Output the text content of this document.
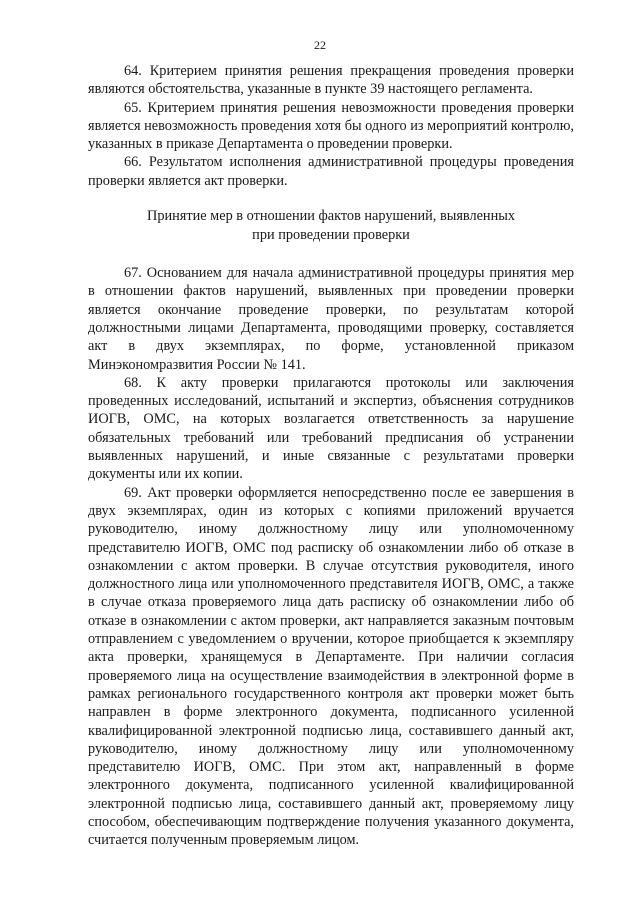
22

64. Критерием принятия решения прекращения проведения проверки являются обстоятельства, указанные в пункте 39 настоящего регламента.

65. Критерием принятия решения невозможности проведения проверки является невозможность проведения хотя бы одного из мероприятий контролю, указанных в приказе Департамента о проведении проверки.

66. Результатом исполнения административной процедуры проведения проверки является акт проверки.

Принятие мер в отношении фактов нарушений, выявленных
при проведении проверки

67. Основанием для начала административной процедуры принятия мер в отношении фактов нарушений, выявленных при проведении проверки является окончание проведение проверки, по результатам которой должностными лицами Департамента, проводящими проверку, составляется акт в двух экземплярах, по форме, установленной приказом Минэкономразвития России № 141.

68. К акту проверки прилагаются протоколы или заключения проведенных исследований, испытаний и экспертиз, объяснения сотрудников ИОГВ, ОМС, на которых возлагается ответственность за нарушение обязательных требований или требований предписания об устранении выявленных нарушений, и иные связанные с результатами проверки документы или их копии.

69. Акт проверки оформляется непосредственно после ее завершения в двух экземплярах, один из которых с копиями приложений вручается руководителю, иному должностному лицу или уполномоченному представителю ИОГВ, ОМС под расписку об ознакомлении либо об отказе в ознакомлении с актом проверки. В случае отсутствия руководителя, иного должностного лица или уполномоченного представителя ИОГВ, ОМС, а также в случае отказа проверяемого лица дать расписку об ознакомлении либо об отказе в ознакомлении с актом проверки, акт направляется заказным почтовым отправлением с уведомлением о вручении, которое приобщается к экземпляру акта проверки, хранящемуся в Департаменте. При наличии согласия проверяемого лица на осуществление взаимодействия в электронной форме в рамках регионального государственного контроля акт проверки может быть направлен в форме электронного документа, подписанного усиленной квалифицированной электронной подписью лица, составившего данный акт, руководителю, иному должностному лицу или уполномоченному представителю ИОГВ, ОМС. При этом акт, направленный в форме электронного документа, подписанного усиленной квалифицированной электронной подписью лица, составившего данный акт, проверяемому лицу способом, обеспечивающим подтверждение получения указанного документа, считается полученным проверяемым лицом.
